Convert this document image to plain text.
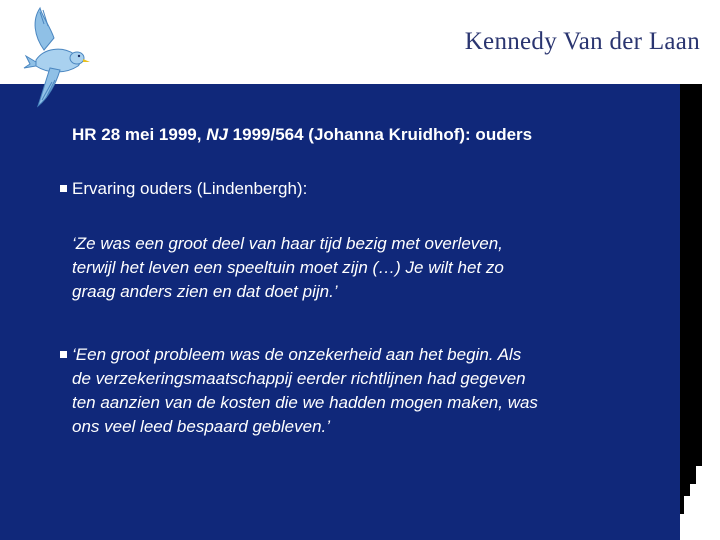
Kennedy Van der Laan
HR 28 mei 1999, NJ 1999/564 (Johanna Kruidhof): ouders
Ervaring ouders (Lindenbergh):
‘Ze was een groot deel van haar tijd bezig met overleven,
terwijl het leven een speeltuin moet zijn (…) Je wilt het zo
graag anders zien en dat doet pijn.’
‘Een groot probleem was de onzekerheid aan het begin. Als
de verzekeringsmaatschappij eerder richtlijnen had gegeven
ten aanzien van de kosten die we hadden mogen maken, was
ons veel leed bespaard gebleven.’
